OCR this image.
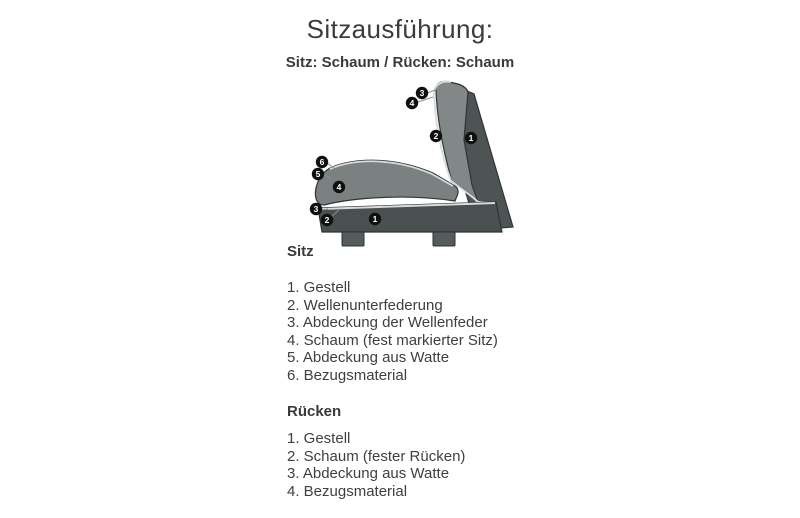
Sitzausführung:
Sitz: Schaum / Rücken: Schaum
3
4
2	1
6
5
4
3
2	1
Sitz
1. Gestell
2. Wellenunterfederung
3. Abdeckung der Wellenfeder
4. Schaum (fest markierter Sitz)
5. Abdeckung aus Watte
6. Bezugsmaterial
Rücken
1. Gestell
2. Schaum (fester Rücken)
3. Abdeckung aus Watte
4. Bezugsmaterial
